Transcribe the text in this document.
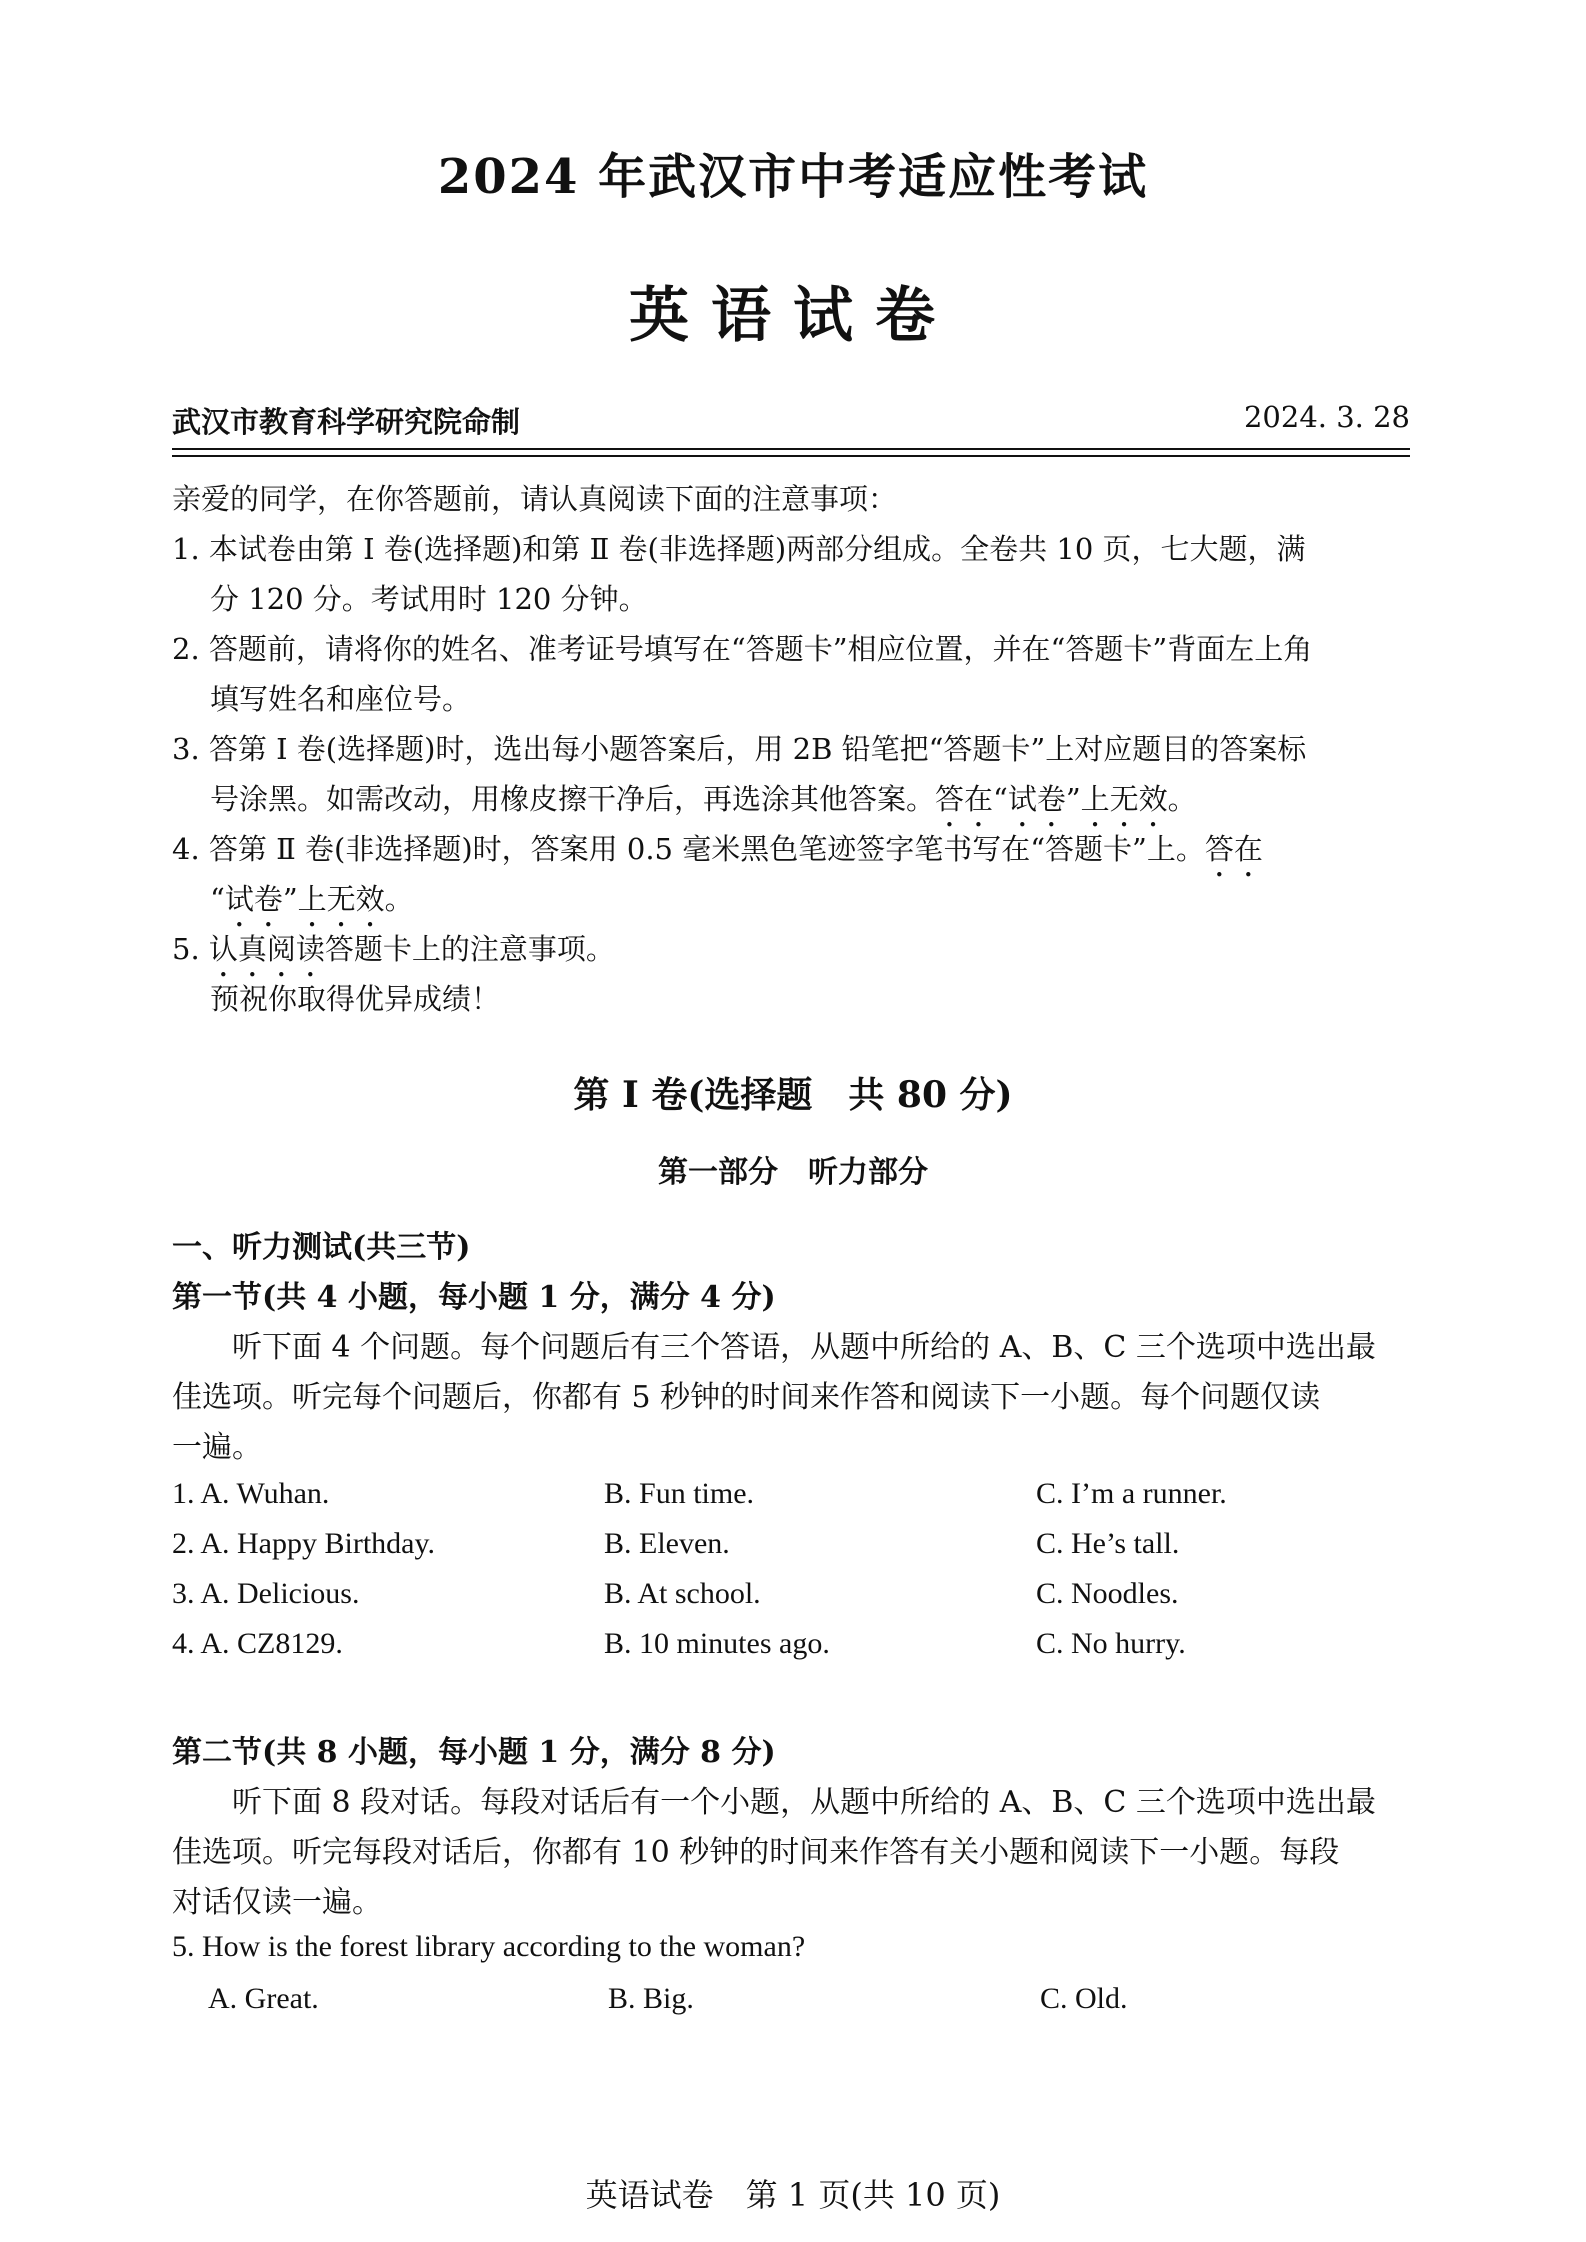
2024 年武汉市中考适应性考试
英语试卷
武汉市教育科学研究院命制	2024. 3. 28
亲爱的同学，在你答题前，请认真阅读下面的注意事项：
1. 本试卷由第 Ⅰ 卷(选择题)和第 Ⅱ 卷(非选择题)两部分组成。全卷共 10 页，七大题，满
分 120 分。考试用时 120 分钟。
2. 答题前，请将你的姓名、准考证号填写在“答题卡”相应位置，并在“答题卡”背面左上角
填写姓名和座位号。
3. 答第 Ⅰ 卷(选择题)时，选出每小题答案后，用 2B 铅笔把“答题卡”上对应题目的答案标
号涂黑。如需改动，用橡皮擦干净后，再选涂其他答案。答在“试卷”上无效。
4. 答第 Ⅱ 卷(非选择题)时，答案用 0.5 毫米黑色笔迹签字笔书写在“答题卡”上。答在
“试卷”上无效。
5. 认真阅读答题卡上的注意事项。
预祝你取得优异成绩！
第 Ⅰ 卷(选择题　共 80 分)
第一部分　听力部分
一、听力测试(共三节)
第一节(共 4 小题，每小题 1 分，满分 4 分)
听下面 4 个问题。每个问题后有三个答语，从题中所给的 A、B、C 三个选项中选出最
佳选项。听完每个问题后，你都有 5 秒钟的时间来作答和阅读下一小题。每个问题仅读
一遍。
1. A. Wuhan.	B. Fun time.	C. I’m a runner.
2. A. Happy Birthday.	B. Eleven.	C. He’s tall.
3. A. Delicious.	B. At school.	C. Noodles.
4. A. CZ8129.	B. 10 minutes ago.	C. No hurry.
第二节(共 8 小题，每小题 1 分，满分 8 分)
听下面 8 段对话。每段对话后有一个小题，从题中所给的 A、B、C 三个选项中选出最
佳选项。听完每段对话后，你都有 10 秒钟的时间来作答有关小题和阅读下一小题。每段
对话仅读一遍。
5. How is the forest library according to the woman?
A. Great.	B. Big.	C. Old.
英语试卷　第 1 页(共 10 页)
